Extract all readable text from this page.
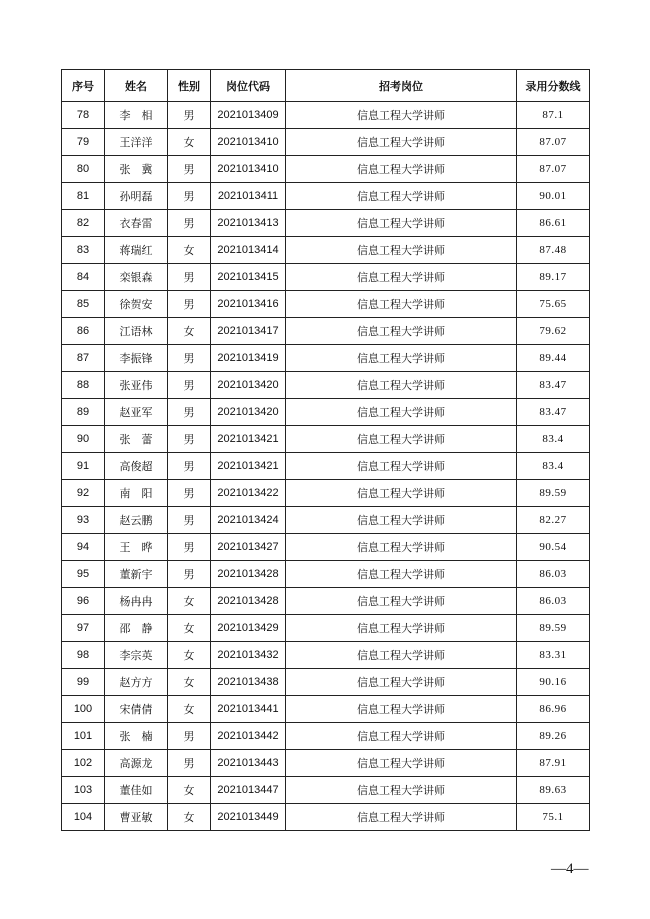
序号	姓名	性别	岗位代码	招考岗位	录用分数线
78	李　相	男	2021013409	信息工程大学讲师	87.1
79	王洋洋	女	2021013410	信息工程大学讲师	87.07
80	张　冀	男	2021013410	信息工程大学讲师	87.07
81	孙明磊	男	2021013411	信息工程大学讲师	90.01
82	衣春雷	男	2021013413	信息工程大学讲师	86.61
83	蒋瑞红	女	2021013414	信息工程大学讲师	87.48
84	栾银森	男	2021013415	信息工程大学讲师	89.17
85	徐贺安	男	2021013416	信息工程大学讲师	75.65
86	江语林	女	2021013417	信息工程大学讲师	79.62
87	李振锋	男	2021013419	信息工程大学讲师	89.44
88	张亚伟	男	2021013420	信息工程大学讲师	83.47
89	赵亚军	男	2021013420	信息工程大学讲师	83.47
90	张　蕾	男	2021013421	信息工程大学讲师	83.4
91	高俊超	男	2021013421	信息工程大学讲师	83.4
92	南　阳	男	2021013422	信息工程大学讲师	89.59
93	赵云鹏	男	2021013424	信息工程大学讲师	82.27
94	王　晔	男	2021013427	信息工程大学讲师	90.54
95	董新宇	男	2021013428	信息工程大学讲师	86.03
96	杨冉冉	女	2021013428	信息工程大学讲师	86.03
97	邵　静	女	2021013429	信息工程大学讲师	89.59
98	李宗英	女	2021013432	信息工程大学讲师	83.31
99	赵方方	女	2021013438	信息工程大学讲师	90.16
100	宋倩倩	女	2021013441	信息工程大学讲师	86.96
101	张　楠	男	2021013442	信息工程大学讲师	89.26
102	高源龙	男	2021013443	信息工程大学讲师	87.91
103	董佳如	女	2021013447	信息工程大学讲师	89.63
104	曹亚敏	女	2021013449	信息工程大学讲师	75.1
—4—
